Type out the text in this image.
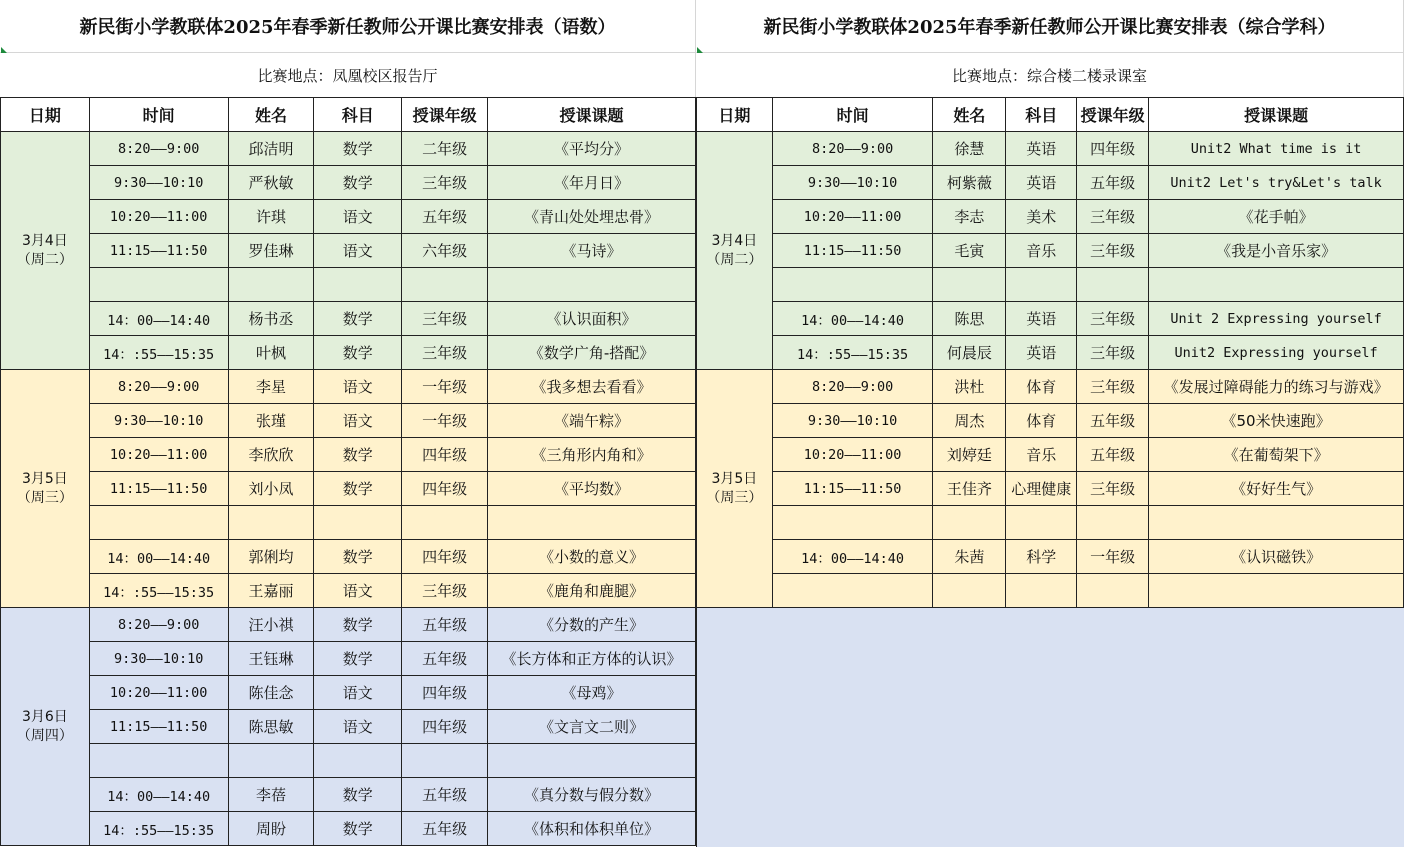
新民街小学教联体2025年春季新任教师公开课比赛安排表（语数）
比赛地点：凤凰校区报告厅
日期	时间	姓名	科目	授课年级	授课课题
3月4日
（周二）	8:20——9:00	邱洁明	数学	二年级	《平均分》
	9:30——10:10	严秋敏	数学	三年级	《年月日》
	10:20——11:00	许琪	语文	五年级	《青山处处埋忠骨》
	11:15——11:50	罗佳琳	语文	六年级	《马诗》

	14：00——14:40	杨书丞	数学	三年级	《认识面积》
	14：:55——15:35	叶枫	数学	三年级	《数学广角-搭配》
3月5日
（周三）	8:20——9:00	李星	语文	一年级	《我多想去看看》
	9:30——10:10	张瑾	语文	一年级	《端午粽》
	10:20——11:00	李欣欣	数学	四年级	《三角形内角和》
	11:15——11:50	刘小凤	数学	四年级	《平均数》

	14：00——14:40	郭俐均	数学	四年级	《小数的意义》
	14：:55——15:35	王嘉丽	语文	三年级	《鹿角和鹿腿》
3月6日
（周四）	8:20——9:00	汪小祺	数学	五年级	《分数的产生》
	9:30——10:10	王钰琳	数学	五年级	《长方体和正方体的认识》
	10:20——11:00	陈佳念	语文	四年级	《母鸡》
	11:15——11:50	陈思敏	语文	四年级	《文言文二则》

	14：00——14:40	李蓓	数学	五年级	《真分数与假分数》
	14：:55——15:35	周盼	数学	五年级	《体积和体积单位》
新民街小学教联体2025年春季新任教师公开课比赛安排表（综合学科）
比赛地点：综合楼二楼录课室
日期	时间	姓名	科目	授课年级	授课课题
3月4日
（周二）	8:20——9:00	徐慧	英语	四年级	Unit2 What time is it
	9:30——10:10	柯紫薇	英语	五年级	Unit2 Let's try&Let's talk
	10:20——11:00	李志	美术	三年级	《花手帕》
	11:15——11:50	毛寅	音乐	三年级	《我是小音乐家》

	14：00——14:40	陈思	英语	三年级	Unit 2 Expressing yourself
	14：:55——15:35	何晨辰	英语	三年级	Unit2 Expressing yourself
3月5日
（周三）	8:20——9:00	洪杜	体育	三年级	《发展过障碍能力的练习与游戏》
	9:30——10:10	周杰	体育	五年级	《50米快速跑》
	10:20——11:00	刘婷廷	音乐	五年级	《在葡萄架下》
	11:15——11:50	王佳齐	心理健康	三年级	《好好生气》

	14：00——14:40	朱茜	科学	一年级	《认识磁铁》
